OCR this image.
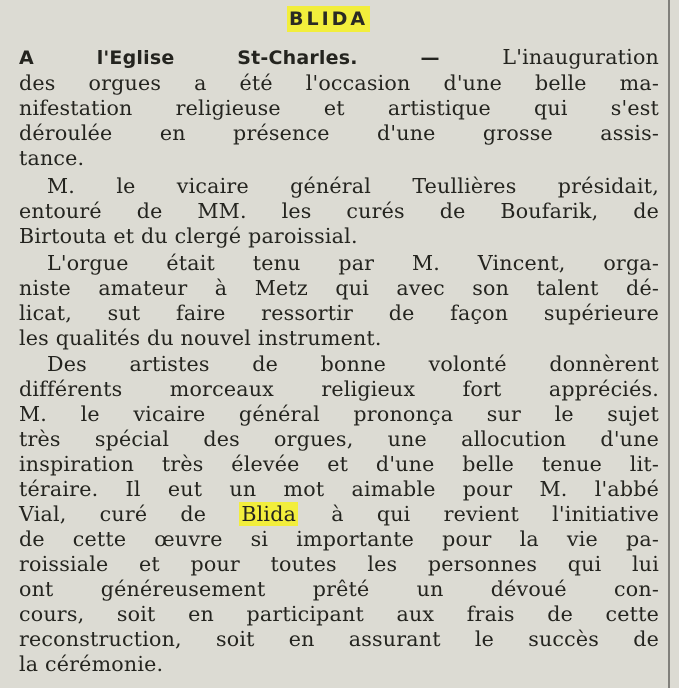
BLIDA
A l'Eglise St-Charles. —	L'inauguration
des orgues a été l'occasion d'une belle ma-
nifestation religieuse et artistique qui s'est
déroulée en présence d'une grosse assis-
tance.
M. le vicaire général Teullières présidait,
entouré de MM. les curés de Boufarik, de
Birtouta et du clergé paroissial.
L'orgue était tenu par M. Vincent, orga-
niste amateur à Metz qui avec son talent dé-
licat, sut faire ressortir de façon supérieure
les qualités du nouvel instrument.
Des artistes de bonne volonté donnèrent
différents morceaux religieux fort appréciés.
M. le vicaire général prononça sur le sujet
très spécial des orgues, une allocution d'une
inspiration très élevée et d'une belle tenue lit-
téraire. Il eut un mot aimable pour M. l'abbé
Vial, curé de Blida à qui revient l'initiative
de cette œuvre si importante pour la vie pa-
roissiale et pour toutes les personnes qui lui
ont généreusement prêté un dévoué con-
cours, soit en participant aux frais de cette
reconstruction, soit en assurant le succès de
la cérémonie.
